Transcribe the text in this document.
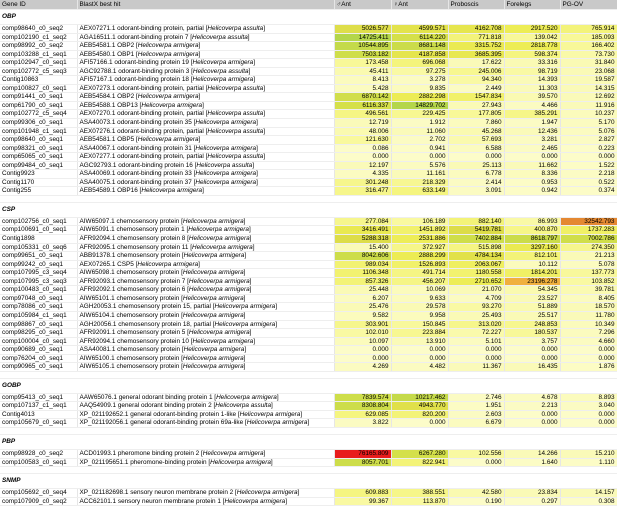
Gene ID	BlastX best hit	♂Ant	♀Ant	Proboscis	Forelegs	PG-OV
OBP						
comp98640_c0_seq2	AEX07271.1 odorant-binding protein, partial [Helicoverpa assulta]	5026.577	4599.571	4162.708	2917.520	765.914
comp102190_c1_seq2	AGA16511.1 odorant-binding protein 7 [Helicoverpa assulta]	14725.411	6114.220	771.818	139.042	185.093
comp98992_c0_seq2	AEB54581.1 OBP2 [Helicoverpa armigera]	10544.895	8681.148	3315.752	2818.778	166.402
comp103288_c1_seq1	AEB54580.1 OBP1 [Helicoverpa armigera]	7503.182	4187.858	3685.395	598.374	73.730
comp102947_c0_seq1	AFI57166.1 odorant-binding protein 19 [Helicoverpa armigera]	173.458	696.068	17.622	33.316	31.840
comp102772_c5_seq3	AGC92788.1 odorant-binding protein 3 [Helicoverpa assulta]	45.411	97.275	245.006	98.719	23.068
Contig10863	AFI57167.1 odorant-binding protein 18 [Helicoverpa armigera]	8.413	3.278	94.340	14.393	19.587
comp100827_c0_seq1	AEX07273.1 odorant-binding protein, partial [Helicoverpa assulta]	5.428	9.835	2.449	11.303	14.315
comp91441_c0_seq1	AEB54584.1 OBP2 [Helicoverpa armigera]	6870.142	2882.298	1547.834	39.570	12.692
comp61790_c0_seq1	AEB54588.1 OBP13 [Helicoverpa armigera]	6116.337	14829.702	27.943	4.466	11.916
comp102772_c5_seq4	AEX07270.1 odorant-binding protein, partial [Helicoverpa assulta]	496.561	229.425	177.805	385.291	10.237
comp99306_c0_seq1	ASA40073.1 odorant-binding protein 35 [Helicoverpa armigera]	12.719	1.912	7.860	1.947	5.170
comp101948_c1_seq1	AEX07276.1 odorant-binding protein, partial [Helicoverpa assulta]	48.006	11.060	45.268	12.436	5.076
comp98640_c0_seq1	AEB54581.1 OBP5 [Helicoverpa armigera]	121.630	2.702	57.693	3.281	2.827
comp98321_c0_seq1	ASA40067.1 odorant-binding protein 31 [Helicoverpa armigera]	0.086	0.941	6.588	2.465	0.223
comp65065_c0_seq1	AEX07277.1 odorant-binding protein, partial [Helicoverpa assulta]	0.000	0.000	0.000	0.000	0.000
comp99484_c0_seq1	AGC92793.1 odorant-binding protein 16 [Helicoverpa assulta]	12.197	5.576	25.113	11.662	1.522
Contig9923	ASA40069.1 odorant-binding protein 33 [Helicoverpa armigera]	4.335	11.161	6.778	8.336	2.218
Contig1170	ASA40075.1 odorant-binding protein 37 [Helicoverpa armigera]	301.248	218.329	2.414	0.953	0.522
Contig255	AEB54589.1 OBP16 [Helicoverpa armigera]	316.477	633.149	3.091	0.942	0.374

CSP						
comp102756_c0_seq1	AIW65097.1 chemosensory protein [Helicoverpa armigera]	277.084	106.189	882.140	86.993	32542.793
comp100691_c0_seq1	AIW65091.1 chemosensory protein 1 [Helicoverpa armigera]	3416.491	1451.892	5419.781	400.870	1737.283
Contig1898	AFR92094.1 chemosensory protein 8 [Helicoverpa armigera]	5288.318	2531.886	7402.884	8618.797	7002.786
comp105331_c0_seq6	AFR92095.1 chemosensory protein 11 [Helicoverpa armigera]	15.400	372.927	515.898	3297.160	274.350
comp99651_c0_seq1	ABB91378.1 chemosensory protein [Helicoverpa armigera]	8042.606	2888.299	4784.134	812.101	21.213
comp99242_c0_seq1	AEX07265.1 CSP5 [Helicoverpa armigera]	989.034	1526.893	2063.067	10.112	5.078
comp107995_c3_seq4	AIW65098.1 chemosensory protein [Helicoverpa armigera]	1106.348	491.714	1180.558	1814.201	137.773
comp107995_c3_seq3	AFR92093.1 chemosensory protein 7 [Helicoverpa armigera]	857.326	456.207	2710.652	23196.278	103.852
comp100483_c0_seq1	AFR92092.1 chemosensory protein 6 [Helicoverpa armigera]	25.448	10.069	21.070	54.345	39.781
comp97048_c0_seq1	AIW65101.1 chemosensory protein [Helicoverpa armigera]	6.207	9.633	4.709	23.527	8.405
comp78086_c0_seq1	AGH20053.1 chemosensory protein 15, partial [Helicoverpa armigera]	25.476	29.578	93.270	51.889	18.570
comp105984_c1_seq1	AIW65104.1 chemosensory protein [Helicoverpa armigera]	9.582	9.958	25.493	25.517	11.780
comp98867_c0_seq1	AGH20056.1 chemosensory protein 18, partial [Helicoverpa armigera]	303.901	150.845	313.020	248.853	10.349
comp98295_c0_seq1	AFR92091.1 chemosensory protein 5 [Helicoverpa armigera]	102.010	223.884	72.227	180.537	7.296
comp100004_c0_seq1	AFR92094.1 chemosensory protein 10 [Helicoverpa armigera]	10.097	13.910	5.101	3.757	4.660
comp90689_c0_seq1	ASA40081.1 chemosensory protein [Helicoverpa armigera]	0.000	0.000	0.000	0.000	0.000
comp76204_c0_seq1	AIW65100.1 chemosensory protein [Helicoverpa armigera]	0.000	0.000	0.000	0.000	0.000
comp90965_c0_seq1	AIW65105.1 chemosensory protein [Helicoverpa armigera]	4.269	4.482	11.367	16.435	1.876

GOBP						
comp95413_c0_seq1	AAW65076.1 general odorant binding protein 1 [Helicoverpa armigera]	7839.574	10217.462	2.746	4.678	8.893
comp107137_c1_seq1	AAQ54909.1 general odorant binding protein 2 [Helicoverpa assulta]	8308.804	4943.770	1.951	2.213	3.040
Contig4013	XP_021192652.1 general odorant-binding protein 1-like [Helicoverpa armigera]	629.085	820.200	2.603	0.000	0.000
comp105679_c0_seq1	XP_021192056.1 general odorant-binding protein 69a-like [Helicoverpa armigera]	3.822	0.000	6.679	0.000	0.000

PBP						
comp98928_c0_seq2	ACD01993.1 pheromone binding protein 2 [Helicoverpa armigera]	76165.809	6267.280	102.556	14.266	15.210
comp100583_c0_seq1	XP_021195651.1 pheromone-binding protein [Helicoverpa armigera]	8057.701	822.941	0.000	1.640	1.110

SNMP						
comp105692_c0_seq4	XP_021182698.1 sensory neuron membrane protein 2 [Helicoverpa armigera]	609.883	388.551	42.580	23.834	14.157
comp107909_c0_seq2	ACC62101.1 sensory neuron membrane protein 1 [Helicoverpa armigera]	99.367	113.870	0.190	0.297	0.308
